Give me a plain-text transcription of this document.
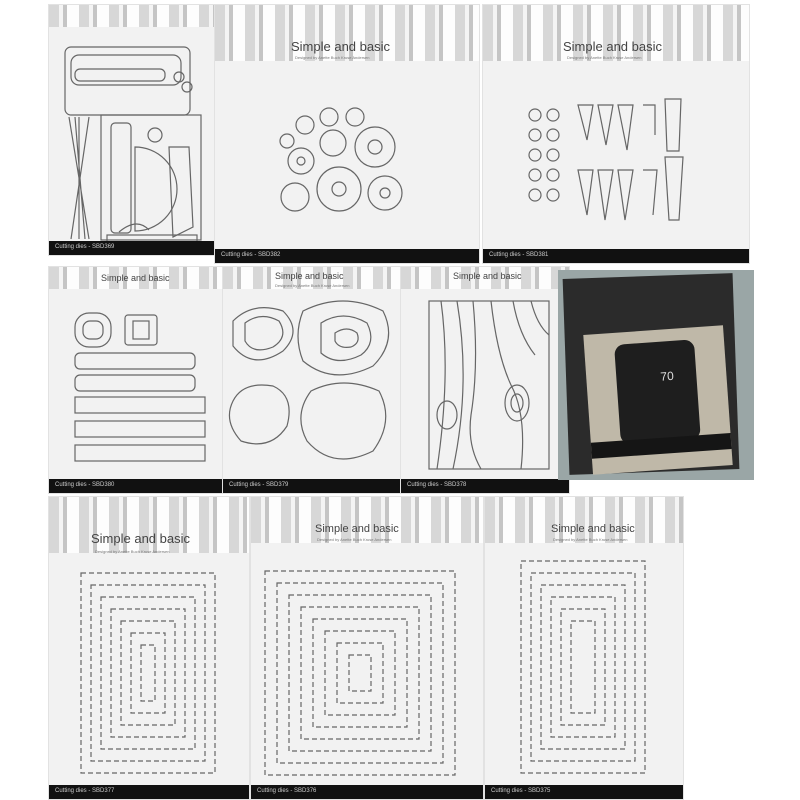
Cutting dies - SBD369
Simple and basic
Designed by Anette Buch Kruse Andersen
Cutting dies - SBD382
Simple and basic
Designed by Anette Buch Kruse Andersen
Cutting dies - SBD381
Simple and basic
Cutting dies - SBD380
Simple and basic
Designed by Anette Buch Kruse Andersen
Cutting dies - SBD379
Simple and basic
Cutting dies - SBD378
70
Simple and basic
Designed by Anette Buch Kruse Andersen
Cutting dies - SBD377
Simple and basic
Designed by Anette Buch Kruse Andersen
Cutting dies - SBD376
Simple and basic
Designed by Anette Buch Kruse Andersen
Cutting dies - SBD375
